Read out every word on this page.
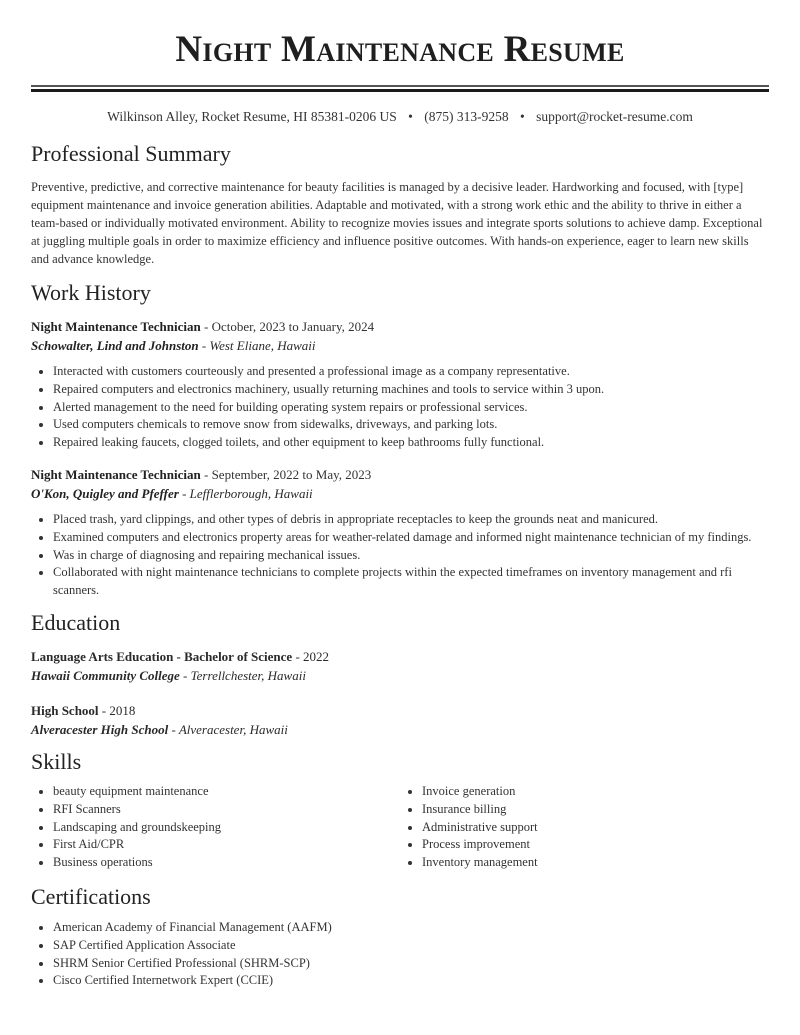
Night Maintenance Resume
Wilkinson Alley, Rocket Resume, HI 85381-0206 US • (875) 313-9258 • support@rocket-resume.com
Professional Summary

Preventive, predictive, and corrective maintenance for beauty facilities is managed by a decisive leader. Hardworking and focused, with [type] equipment maintenance and invoice generation abilities. Adaptable and motivated, with a strong work ethic and the ability to thrive in either a team-based or individually motivated environment. Ability to recognize movies issues and integrate sports solutions to achieve damp. Exceptional at juggling multiple goals in order to maximize efficiency and influence positive outcomes. With hands-on experience, eager to learn new skills and advance knowledge.

Work History
Night Maintenance Technician - October, 2023 to January, 2024
Schowalter, Lind and Johnston - West Eliane, Hawaii
• Interacted with customers courteously and presented a professional image as a company representative.
• Repaired computers and electronics machinery, usually returning machines and tools to service within 3 upon.
• Alerted management to the need for building operating system repairs or professional services.
• Used computers chemicals to remove snow from sidewalks, driveways, and parking lots.
• Repaired leaking faucets, clogged toilets, and other equipment to keep bathrooms fully functional.
Night Maintenance Technician - September, 2022 to May, 2023
O'Kon, Quigley and Pfeffer - Lefflerborough, Hawaii
• Placed trash, yard clippings, and other types of debris in appropriate receptacles to keep the grounds neat and manicured.
• Examined computers and electronics property areas for weather-related damage and informed night maintenance technician of my findings.
• Was in charge of diagnosing and repairing mechanical issues.
• Collaborated with night maintenance technicians to complete projects within the expected timeframes on inventory management and rfi scanners.
Education
Language Arts Education - Bachelor of Science - 2022
Hawaii Community College - Terrellchester, Hawaii
High School - 2018
Alveracester High School - Alveracester, Hawaii
Skills
• beauty equipment maintenance
• RFI Scanners
• Landscaping and groundskeeping
• First Aid/CPR
• Business operations
• Invoice generation
• Insurance billing
• Administrative support
• Process improvement
• Inventory management
Certifications
• American Academy of Financial Management (AAFM)
• SAP Certified Application Associate
• SHRM Senior Certified Professional (SHRM-SCP)
• Cisco Certified Internetwork Expert (CCIE)
